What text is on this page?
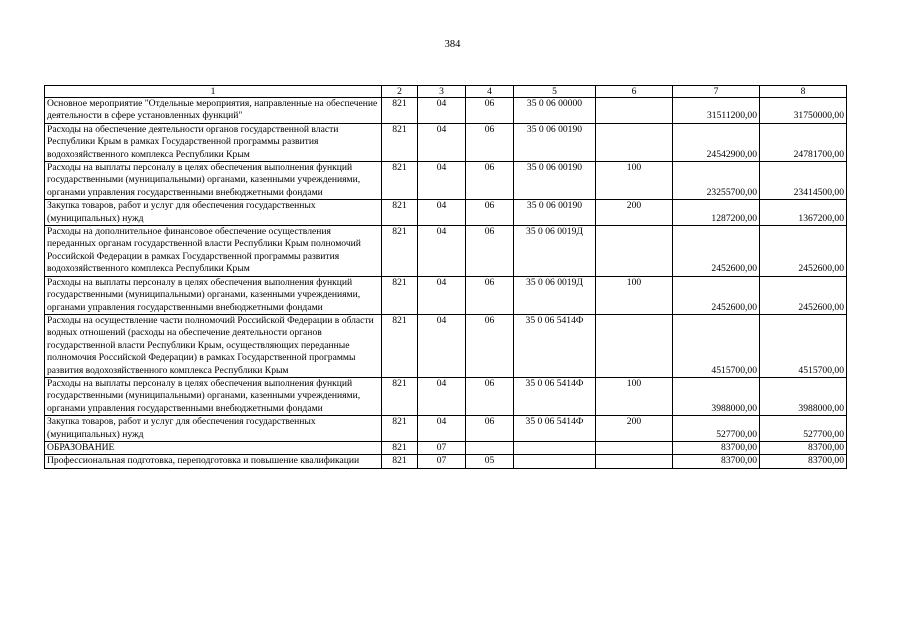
384
1	2	3	4	5	6	7	8
Основное мероприятие "Отдельные мероприятия, направленные на обеспечение деятельности в сфере установленных функций"	821	04	06	35 0 06 00000		31511200,00	31750000,00
Расходы на обеспечение деятельности органов государственной власти Республики Крым в рамках Государственной программы развития водохозяйственного комплекса Республики Крым	821	04	06	35 0 06 00190		24542900,00	24781700,00
Расходы на выплаты персоналу в целях обеспечения выполнения функций государственными (муниципальными) органами, казенными учреждениями, органами управления государственными внебюджетными фондами	821	04	06	35 0 06 00190	100	23255700,00	23414500,00
Закупка товаров, работ и услуг для обеспечения государственных (муниципальных) нужд	821	04	06	35 0 06 00190	200	1287200,00	1367200,00
Расходы на дополнительное финансовое обеспечение осуществления переданных органам государственной власти Республики Крым полномочий Российской Федерации в рамках Государственной программы развития водохозяйственного комплекса Республики Крым	821	04	06	35 0 06 0019Д		2452600,00	2452600,00
Расходы на выплаты персоналу в целях обеспечения выполнения функций государственными (муниципальными) органами, казенными учреждениями, органами управления государственными внебюджетными фондами	821	04	06	35 0 06 0019Д	100	2452600,00	2452600,00
Расходы на осуществление части полномочий Российской Федерации в области водных отношений (расходы на обеспечение деятельности органов государственной власти Республики Крым, осуществляющих переданные полномочия Российской Федерации) в рамках Государственной программы развития водохозяйственного комплекса Республики Крым	821	04	06	35 0 06 5414Ф		4515700,00	4515700,00
Расходы на выплаты персоналу в целях обеспечения выполнения функций государственными (муниципальными) органами, казенными учреждениями, органами управления государственными внебюджетными фондами	821	04	06	35 0 06 5414Ф	100	3988000,00	3988000,00
Закупка товаров, работ и услуг для обеспечения государственных (муниципальных) нужд	821	04	06	35 0 06 5414Ф	200	527700,00	527700,00
ОБРАЗОВАНИЕ	821	07				83700,00	83700,00
Профессиональная подготовка, переподготовка и повышение квалификации	821	07	05			83700,00	83700,00
